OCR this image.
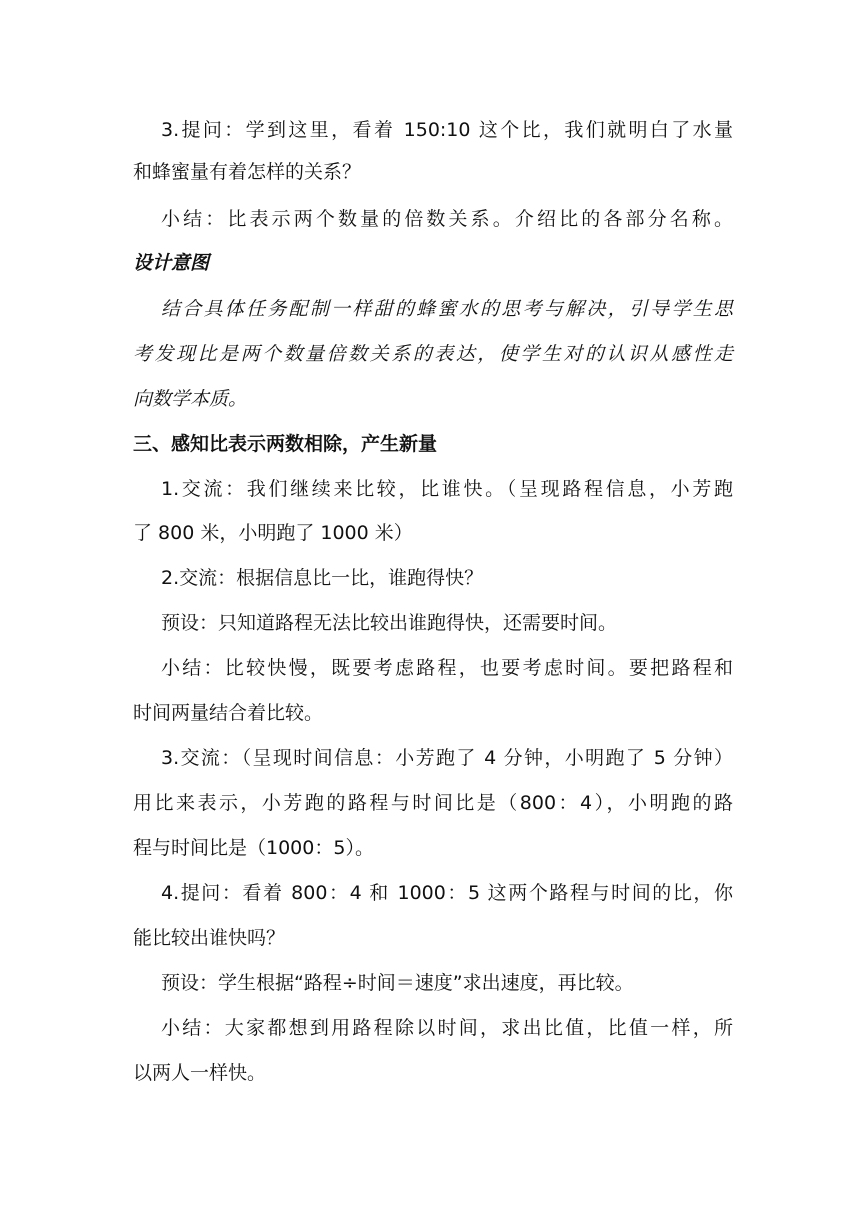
3.提问：学到这里，看着 150:10 这个比，我们就明白了水量
和蜂蜜量有着怎样的关系？
小结：比表示两个数量的倍数关系。介绍比的各部分名称。
设计意图
结合具体任务配制一样甜的蜂蜜水的思考与解决，引导学生思
考发现比是两个数量倍数关系的表达，使学生对的认识从感性走
向数学本质。
三、感知比表示两数相除，产生新量
1.交流：我们继续来比较，比谁快。（呈现路程信息，小芳跑
了 800 米，小明跑了 1000 米）
2.交流：根据信息比一比，谁跑得快？
预设：只知道路程无法比较出谁跑得快，还需要时间。
小结：比较快慢，既要考虑路程，也要考虑时间。要把路程和
时间两量结合着比较。
3.交流：（呈现时间信息：小芳跑了 4 分钟，小明跑了 5 分钟）
用比来表示，小芳跑的路程与时间比是（800：4），小明跑的路
程与时间比是（1000：5）。
4.提问：看着 800：4 和 1000：5 这两个路程与时间的比，你
能比较出谁快吗？
预设：学生根据“路程÷时间＝速度”求出速度，再比较。
小结：大家都想到用路程除以时间，求出比值，比值一样，所
以两人一样快。
